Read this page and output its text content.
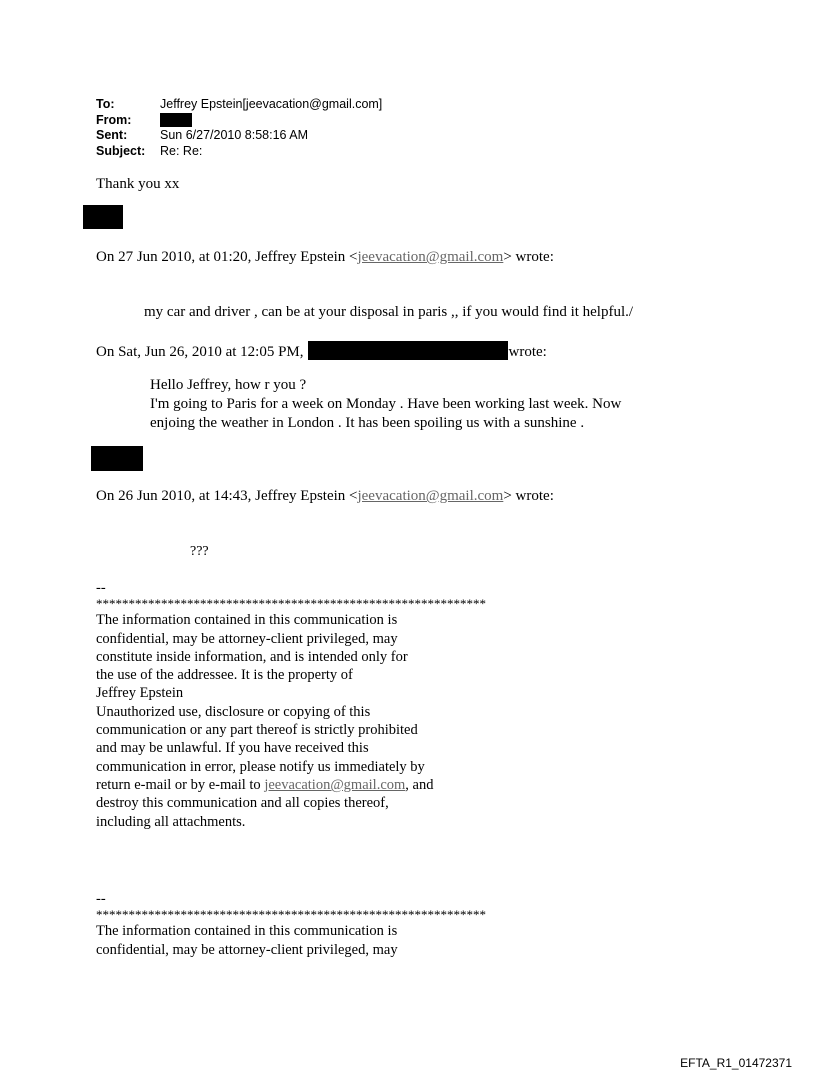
To:	Jeffrey Epstein[jeevacation@gmail.com]
From:
Sent:	Sun 6/27/2010 8:58:16 AM
Subject:	Re: Re:
Thank you xx
On 27 Jun 2010, at 01:20, Jeffrey Epstein <jeevacation@gmail.com> wrote:
my car and driver , can be at your disposal in paris ,, if you would find it helpful./
On Sat, Jun 26, 2010 at 12:05 PM,	wrote:
Hello Jeffrey, how r you ?
I'm going to Paris for a week on Monday . Have been working last week. Now
enjoing the weather in London . It has been spoiling us with a sunshine .
On 26 Jun 2010, at 14:43, Jeffrey Epstein <jeevacation@gmail.com> wrote:
???
--
************************************************************
The information contained in this communication is
confidential, may be attorney-client privileged, may
constitute inside information, and is intended only for
the use of the addressee. It is the property of
Jeffrey Epstein
Unauthorized use, disclosure or copying of this
communication or any part thereof is strictly prohibited
and may be unlawful. If you have received this
communication in error, please notify us immediately by
return e-mail or by e-mail to jeevacation@gmail.com, and
destroy this communication and all copies thereof,
including all attachments.
--
************************************************************
The information contained in this communication is
confidential, may be attorney-client privileged, may
EFTA_R1_01472371
